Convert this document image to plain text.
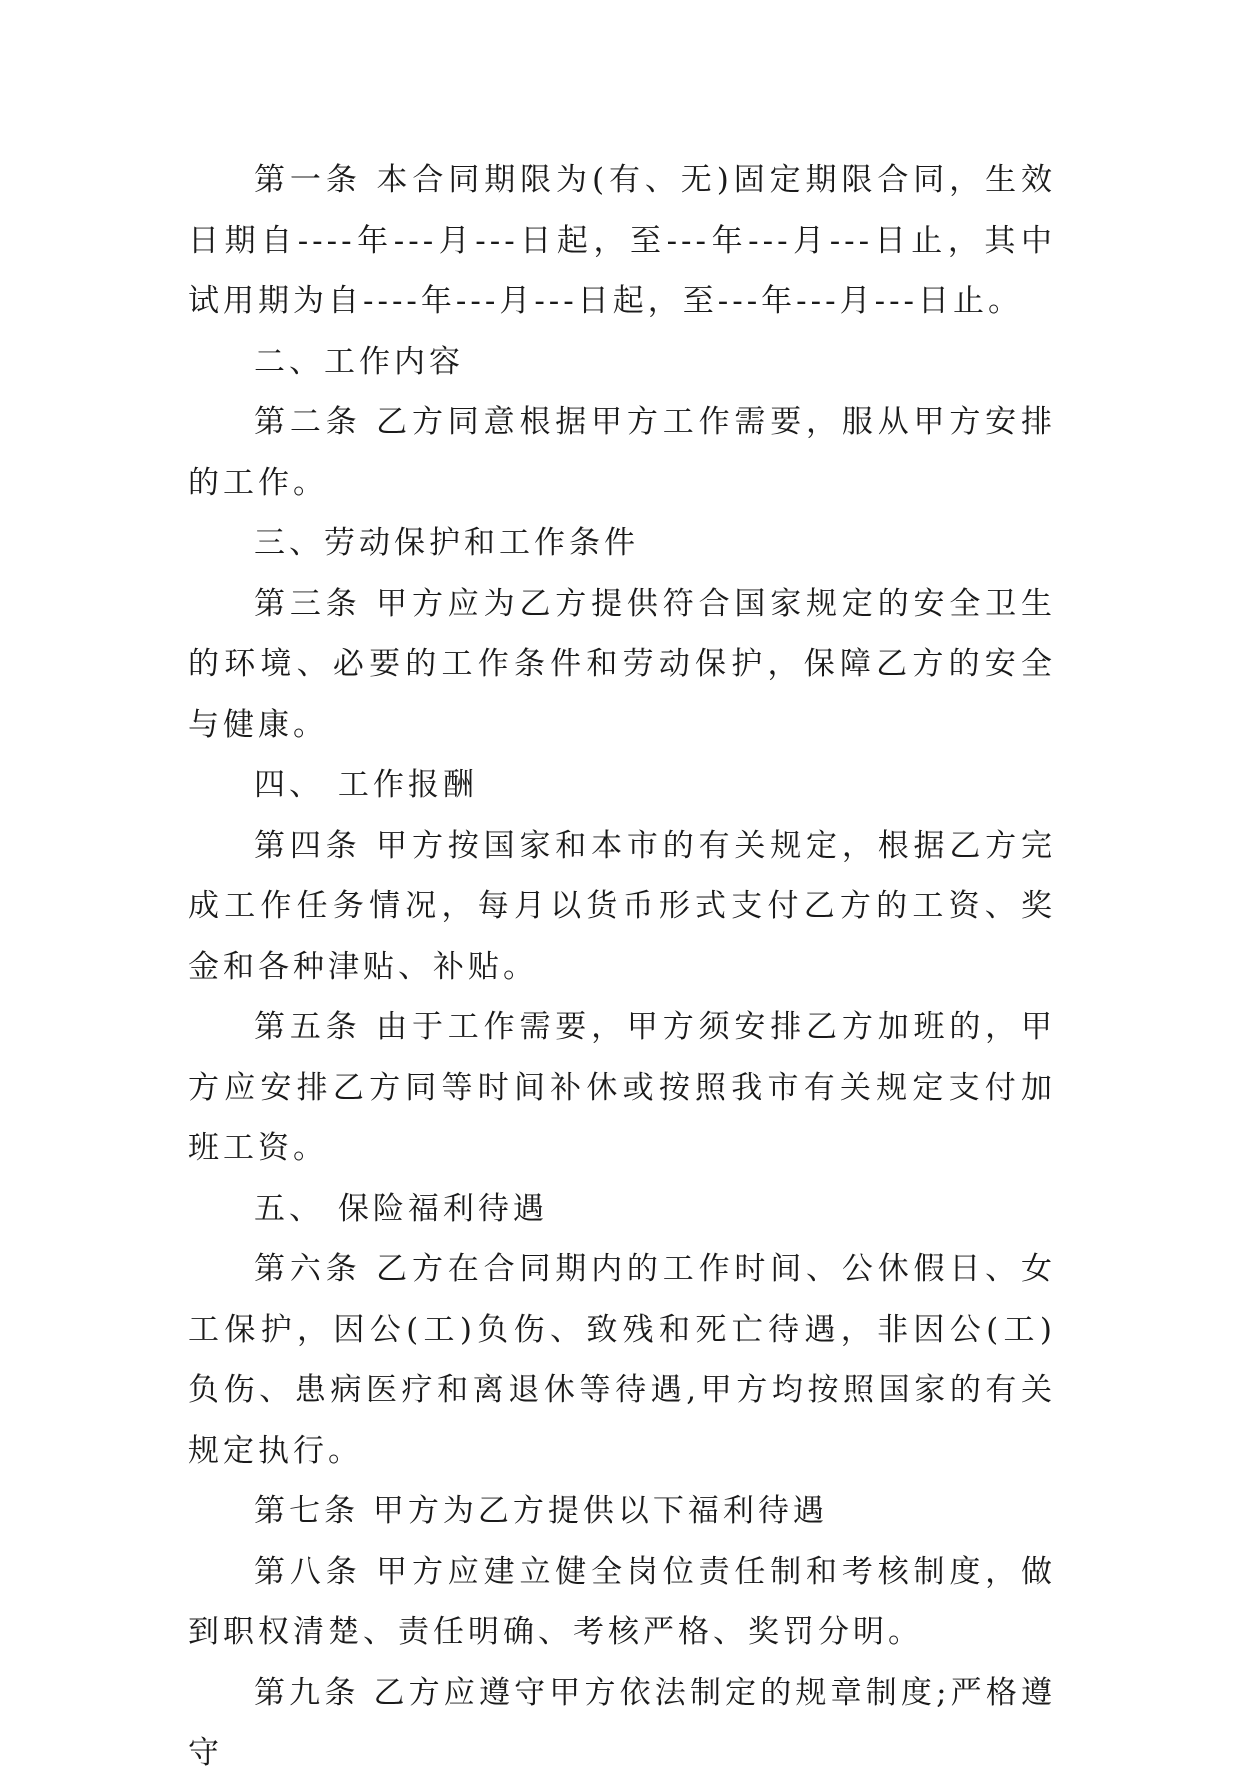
第一条 本合同期限为(有、无)固定期限合同，生效日期自----年---月---日起，至---年---月---日止，其中试用期为自----年---月---日起，至---年---月---日止。

二、工作内容

第二条 乙方同意根据甲方工作需要，服从甲方安排的工作。

三、劳动保护和工作条件

第三条 甲方应为乙方提供符合国家规定的安全卫生的环境、必要的工作条件和劳动保护，保障乙方的安全与健康。

四、 工作报酬

第四条 甲方按国家和本市的有关规定，根据乙方完成工作任务情况，每月以货币形式支付乙方的工资、奖金和各种津贴、补贴。

第五条 由于工作需要，甲方须安排乙方加班的，甲方应安排乙方同等时间补休或按照我市有关规定支付加班工资。

五、 保险福利待遇

第六条 乙方在合同期内的工作时间、公休假日、女工保护，因公(工)负伤、致残和死亡待遇，非因公(工)负伤、患病医疗和离退休等待遇,甲方均按照国家的有关规定执行。

第七条 甲方为乙方提供以下福利待遇

第八条 甲方应建立健全岗位责任制和考核制度，做到职权清楚、责任明确、考核严格、奖罚分明。

第九条 乙方应遵守甲方依法制定的规章制度;严格遵守
